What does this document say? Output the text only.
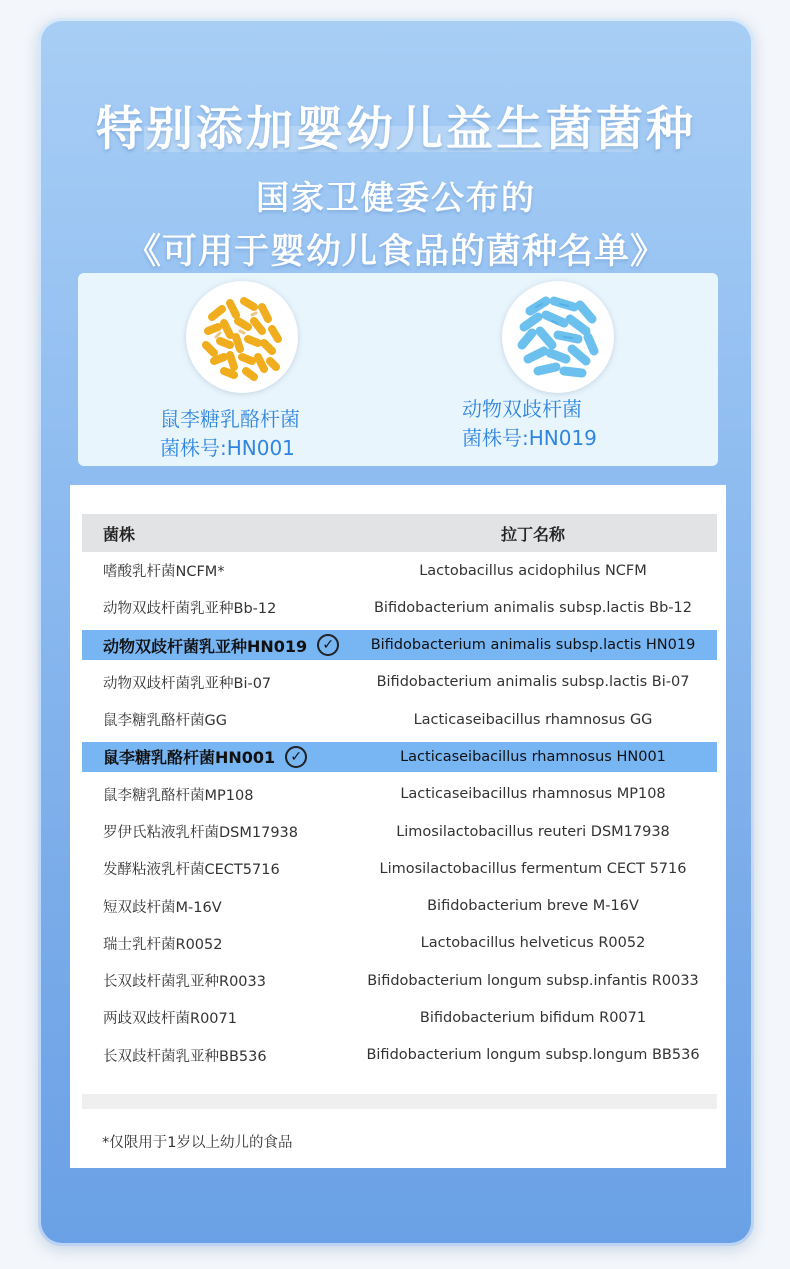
特别添加婴幼儿益生菌菌种
国家卫健委公布的
《可用于婴幼儿食品的菌种名单》
鼠李糖乳酪杆菌
菌株号:HN001
动物双歧杆菌
菌株号:HN019
菌株	拉丁名称
嗜酸乳杆菌NCFM*	Lactobacillus acidophilus NCFM
动物双歧杆菌乳亚种Bb-12	Bifidobacterium animalis subsp.lactis Bb-12
动物双歧杆菌乳亚种HN019	✓	Bifidobacterium animalis subsp.lactis HN019
动物双歧杆菌乳亚种Bi-07	Bifidobacterium animalis subsp.lactis Bi-07
鼠李糖乳酪杆菌GG	Lacticaseibacillus rhamnosus GG
鼠李糖乳酪杆菌HN001	✓	Lacticaseibacillus rhamnosus HN001
鼠李糖乳酪杆菌MP108	Lacticaseibacillus rhamnosus MP108
罗伊氏粘液乳杆菌DSM17938	Limosilactobacillus reuteri DSM17938
发酵粘液乳杆菌CECT5716	Limosilactobacillus fermentum CECT 5716
短双歧杆菌M-16V	Bifidobacterium breve M-16V
瑞士乳杆菌R0052	Lactobacillus helveticus R0052
长双歧杆菌乳亚种R0033	Bifidobacterium longum subsp.infantis R0033
两歧双歧杆菌R0071	Bifidobacterium bifidum R0071
长双歧杆菌乳亚种BB536	Bifidobacterium longum subsp.longum BB536
*仅限用于1岁以上幼儿的食品
